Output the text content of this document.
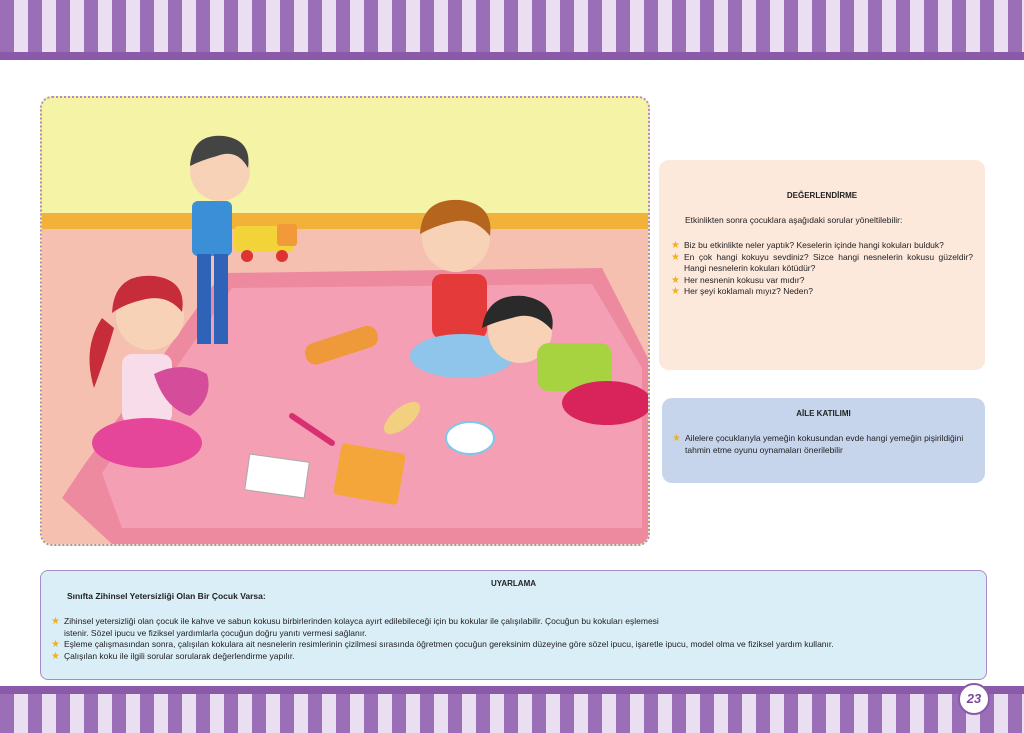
DEĞERLENDİRME
Etkinlikten sonra çocuklara aşağıdaki sorular yöneltilebilir:
★ Biz bu etkinlikte neler yaptık? Keselerin içinde hangi kokuları bulduk?
★ En çok hangi kokuyu sevdiniz? Sizce hangi nesnelerin kokusu güzeldir? Hangi nesnelerin kokuları kötüdür?
★ Her nesnenin kokusu var mıdır?
★ Her şeyi koklamalı mıyız? Neden?
AİLE KATILIMI
★ Ailelere çocuklarıyla yemeğin kokusundan evde hangi yemeğin pişirildiğini tahmin etme oyunu oynamaları önerilebilir
UYARLAMA
Sınıfta Zihinsel Yetersizliği Olan Bir Çocuk Varsa:
★ Zihinsel yetersizliği olan çocuk ile kahve ve sabun kokusu birbirlerinden kolayca ayırt edilebileceği için bu kokular ile çalışılabilir. Çocuğun bu kokuları eşlemesi istenir. Sözel ipucu ve fiziksel yardımlarla çocuğun doğru yanıtı vermesi sağlanır.
★ Eşleme çalışmasından sonra, çalışılan kokulara ait nesnelerin resimlerinin çizilmesi sırasında öğretmen çocuğun gereksinim düzeyine göre sözel ipucu, işaretle ipucu, model olma ve fiziksel yardım kullanır.
★ Çalışılan koku ile ilgili sorular sorularak değerlendirme yapılır.
23
